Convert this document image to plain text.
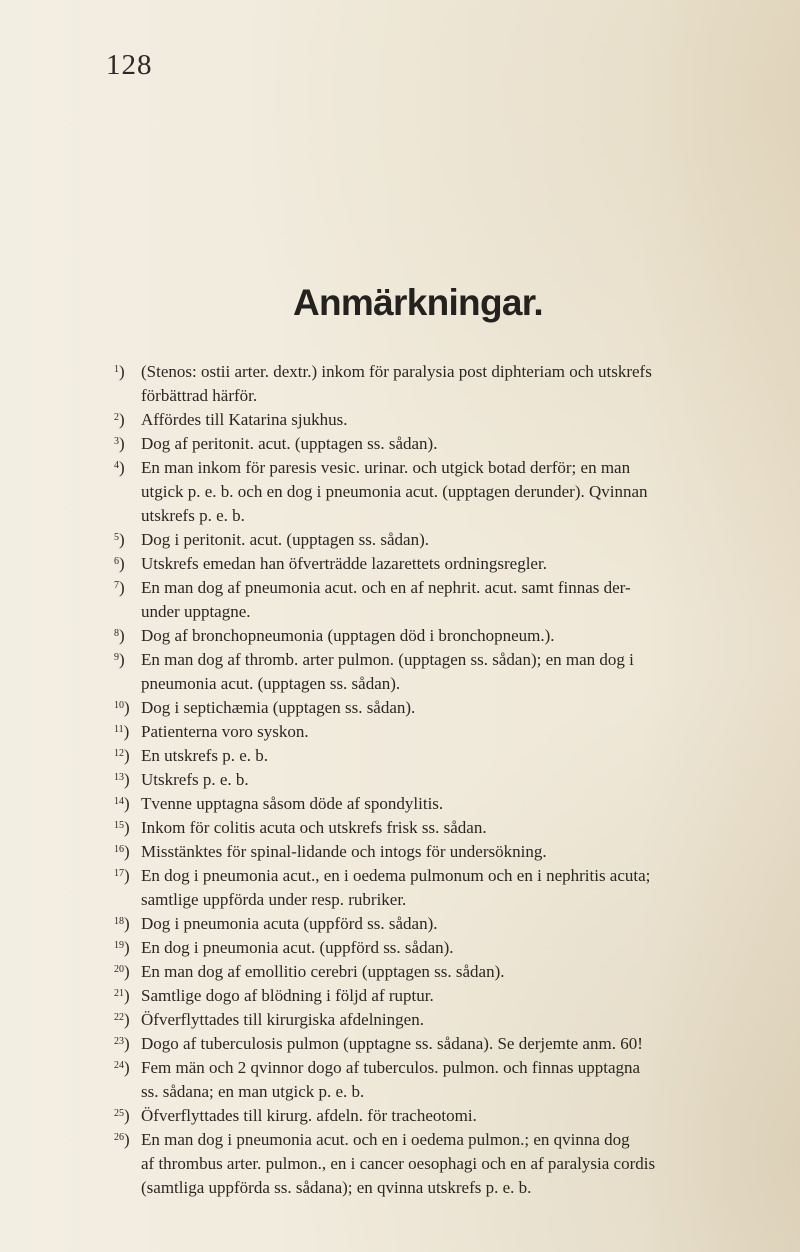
128
Anmärkningar.
$^1$) (Stenos: ostii arter. dextr.) inkom för paralysia post diphteriam och utskrefs
förbättrad härför.
$^2$) Affördes till Katarina sjukhus.
$^3$) Dog af peritonit. acut. (upptagen ss. sådan).
$^4$) En man inkom för paresis vesic. urinar. och utgick botad derför; en man
utgick p. e. b. och en dog i pneumonia acut. (upptagen derunder). Qvinnan
utskrefs p. e. b.
$^5$) Dog i peritonit. acut. (upptagen ss. sådan).
$^6$) Utskrefs emedan han öfverträdde lazarettets ordningsregler.
$^7$) En man dog af pneumonia acut. och en af nephrit. acut. samt finnas der-
under upptagne.
$^8$) Dog af bronchopneumonia (upptagen död i bronchopneum.).
$^9$) En man dog af thromb. arter pulmon. (upptagen ss. sådan); en man dog i
pneumonia acut. (upptagen ss. sådan).
$^{10}$) Dog i septichæmia (upptagen ss. sådan).
$^{11}$) Patienterna voro syskon.
$^{12}$) En utskrefs p. e. b.
$^{13}$) Utskrefs p. e. b.
$^{14}$) Tvenne upptagna såsom döde af spondylitis.
$^{15}$) Inkom för colitis acuta och utskrefs frisk ss. sådan.
$^{16}$) Misstänktes för spinal-lidande och intogs för undersökning.
$^{17}$) En dog i pneumonia acut., en i oedema pulmonum och en i nephritis acuta;
samtlige uppförda under resp. rubriker.
$^{18}$) Dog i pneumonia acuta (uppförd ss. sådan).
$^{19}$) En dog i pneumonia acut. (uppförd ss. sådan).
$^{20}$) En man dog af emollitio cerebri (upptagen ss. sådan).
$^{21}$) Samtlige dogo af blödning i följd af ruptur.
$^{22}$) Öfverflyttades till kirurgiska afdelningen.
$^{23}$) Dogo af tuberculosis pulmon (upptagne ss. sådana). Se derjemte anm. 60!
$^{24}$) Fem män och 2 qvinnor dogo af tuberculos. pulmon. och finnas upptagna
ss. sådana; en man utgick p. e. b.
$^{25}$) Öfverflyttades till kirurg. afdeln. för tracheotomi.
$^{26}$) En man dog i pneumonia acut. och en i oedema pulmon.; en qvinna dog
af thrombus arter. pulmon., en i cancer oesophagi och en af paralysia cordis
(samtliga uppförda ss. sådana); en qvinna utskrefs p. e. b.
